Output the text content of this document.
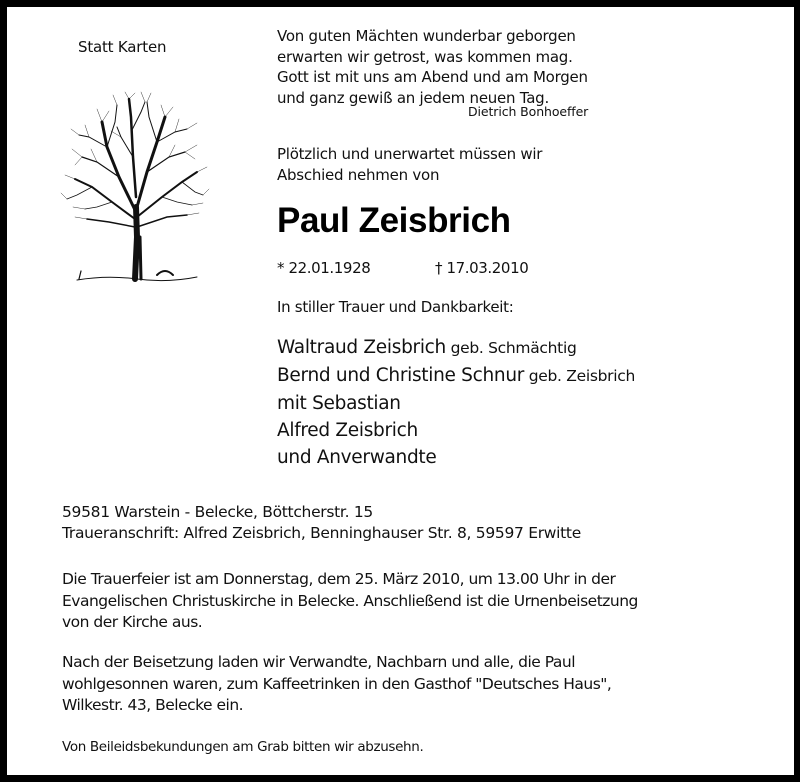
Statt Karten
Von guten Mächten wunderbar geborgen
erwarten wir getrost, was kommen mag.
Gott ist mit uns am Abend und am Morgen
und ganz gewiß an jedem neuen Tag.
Dietrich Bonhoeffer
Plötzlich und unerwartet müssen wir
Abschied nehmen von
Paul Zeisbrich
* 22.01.1928	† 17.03.2010
In stiller Trauer und Dankbarkeit:
Waltraud Zeisbrich geb. Schmächtig
Bernd und Christine Schnur geb. Zeisbrich
mit Sebastian
Alfred Zeisbrich
und Anverwandte
59581 Warstein - Belecke, Böttcherstr. 15
Traueranschrift: Alfred Zeisbrich, Benninghauser Str. 8, 59597 Erwitte
Die Trauerfeier ist am Donnerstag, dem 25. März 2010, um 13.00 Uhr in der
Evangelischen Christuskirche in Belecke. Anschließend ist die Urnenbeisetzung
von der Kirche aus.
Nach der Beisetzung laden wir Verwandte, Nachbarn und alle, die Paul
wohlgesonnen waren, zum Kaffeetrinken in den Gasthof "Deutsches Haus",
Wilkestr. 43, Belecke ein.
Von Beileidsbekundungen am Grab bitten wir abzusehn.
